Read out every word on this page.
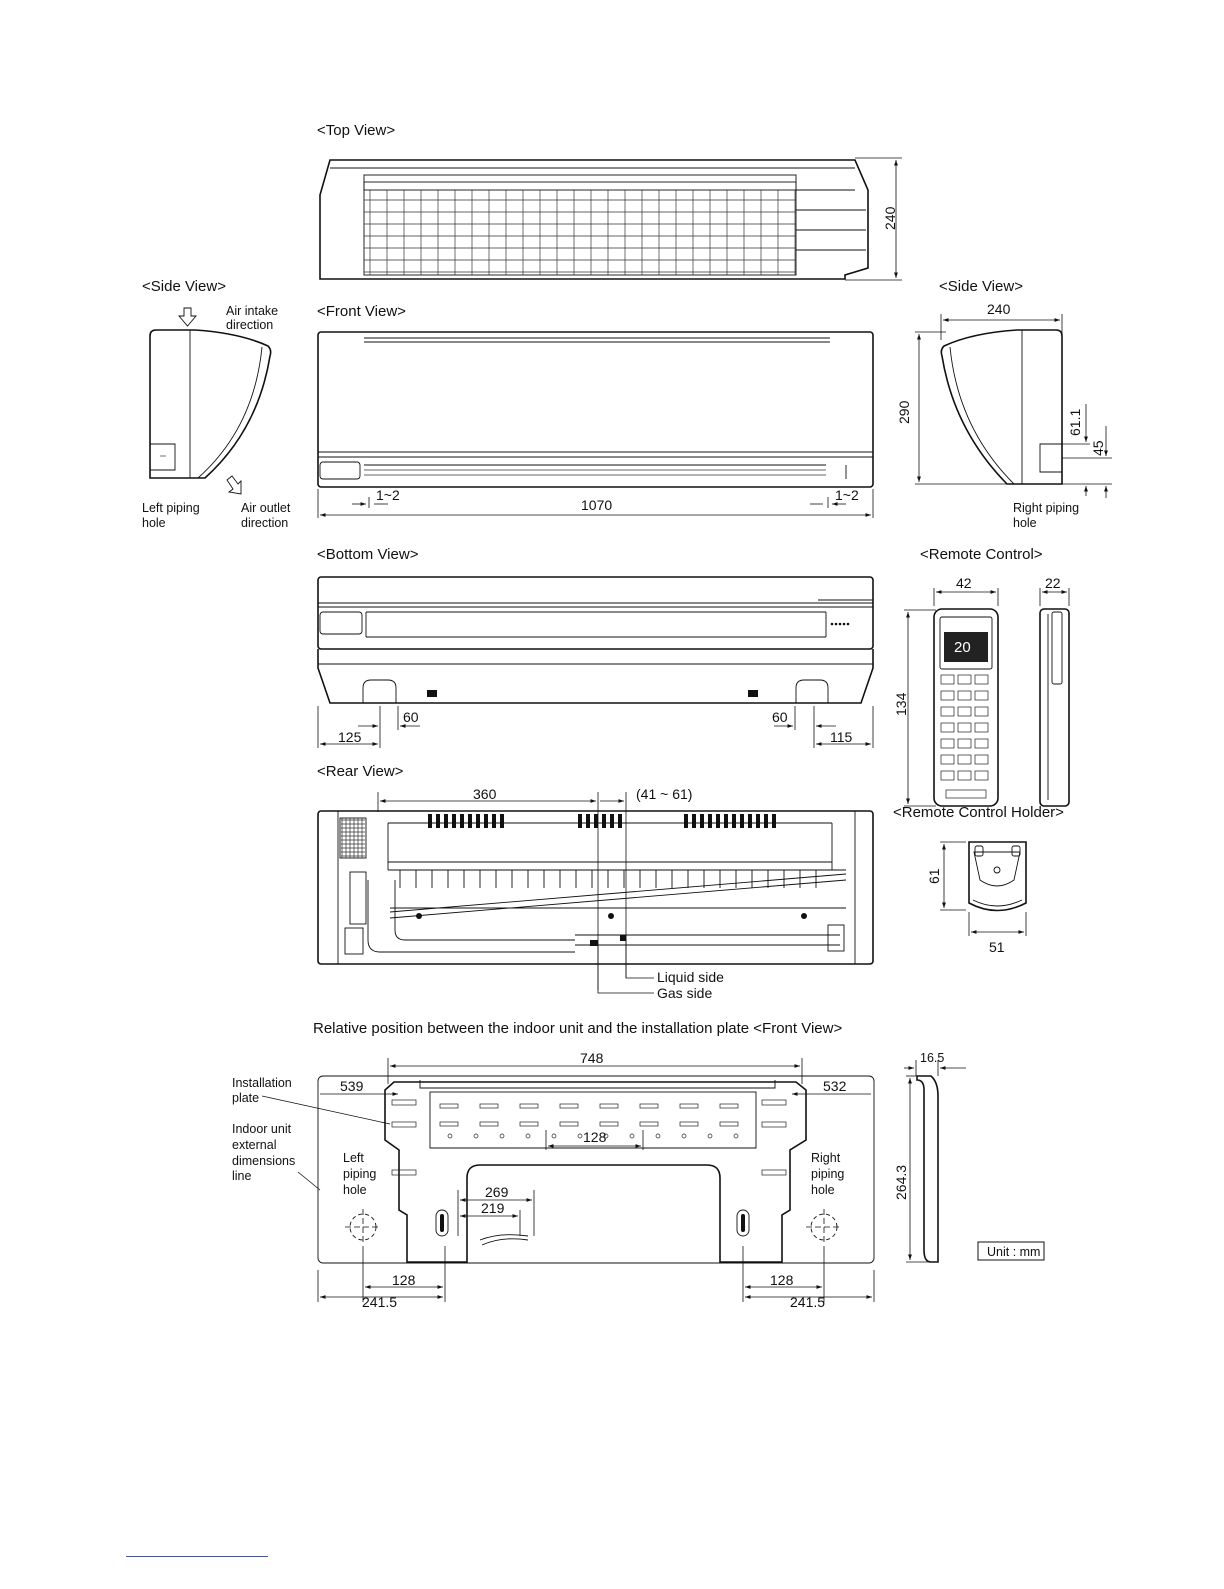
<Top View>
240
<Side View>
Air intake
direction
Left piping
hole
Air outlet
direction
<Front View>
1070
1~2	1~2
<Side View>
240
290	61.1
45
Right piping
hole
<Bottom View>
125
60
115
60
<Remote Control>
42	22
134
20
<Rear View>
360	(41 ~ 61)
Liquid side
Gas side
<Remote Control Holder>
61
51
Relative position between the indoor unit and the installation plate <Front View>
748
539	532
128
269
219
128
241.5
128
241.5
Installation
plate
Indoor unit
external
dimensions
line
Left
piping
hole
Right
piping
hole
16.5
264.3
Unit : mm
